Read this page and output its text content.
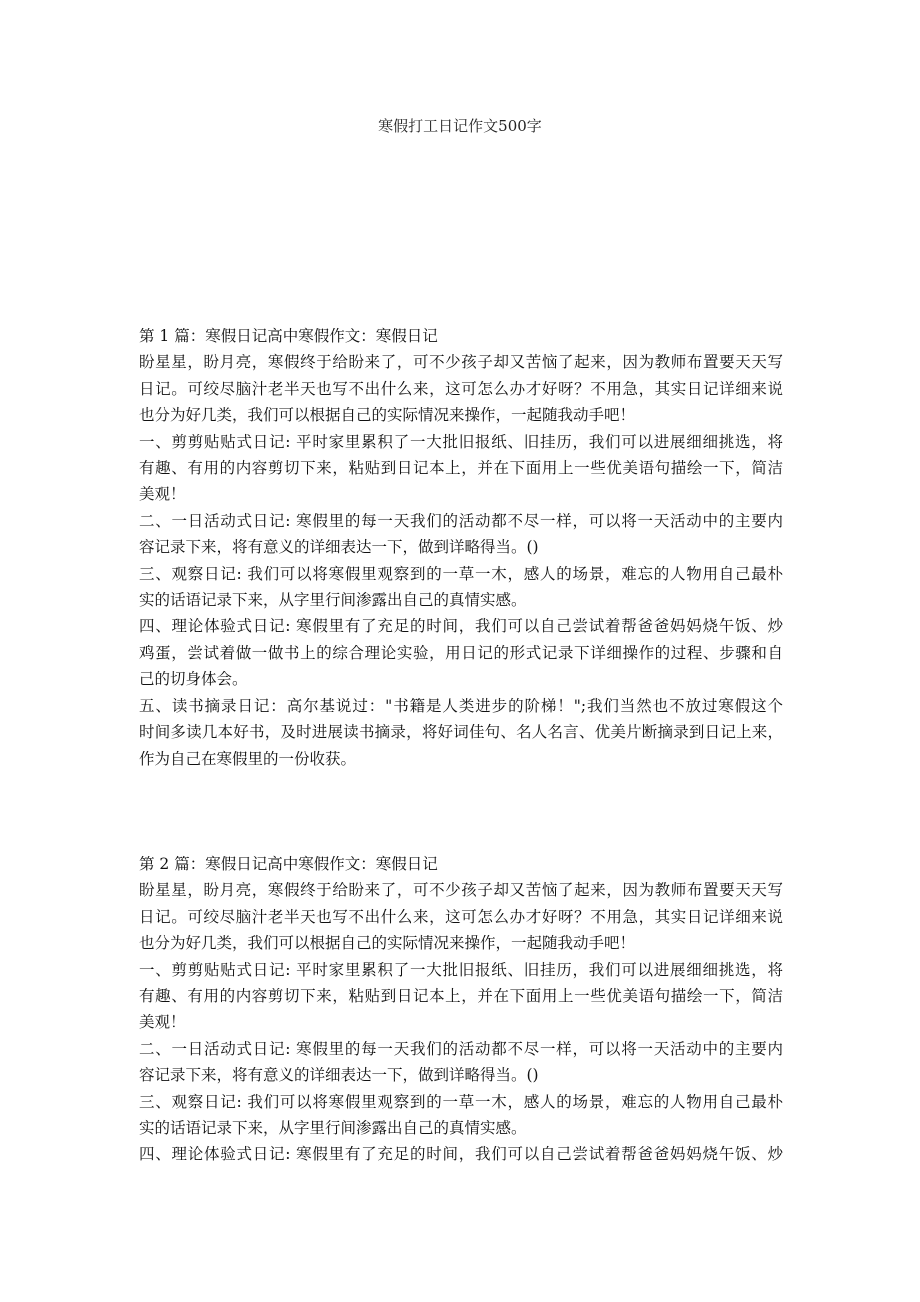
寒假打工日记作文500字
第 1 篇：寒假日记高中寒假作文：寒假日记
盼星星，盼月亮，寒假终于给盼来了，可不少孩子却又苦恼了起来，因为教师布置要天天写
日记。可绞尽脑汁老半天也写不出什么来，这可怎么办才好呀？不用急，其实日记详细来说
也分为好几类，我们可以根据自己的实际情况来操作，一起随我动手吧！
一、剪剪贴贴式日记: 平时家里累积了一大批旧报纸、旧挂历，我们可以进展细细挑选，将
有趣、有用的内容剪切下来，粘贴到日记本上，并在下面用上一些优美语句描绘一下，简洁
美观！
二、一日活动式日记: 寒假里的每一天我们的活动都不尽一样，可以将一天活动中的主要内
容记录下来，将有意义的详细表达一下，做到详略得当。()
三、观察日记: 我们可以将寒假里观察到的一草一木，感人的场景，难忘的人物用自己最朴
实的话语记录下来，从字里行间渗露出自己的真情实感。
四、理论体验式日记: 寒假里有了充足的时间，我们可以自己尝试着帮爸爸妈妈烧午饭、炒
鸡蛋，尝试着做一做书上的综合理论实验，用日记的形式记录下详细操作的过程、步骤和自
己的切身体会。
五、读书摘录日记：高尔基说过："书籍是人类进步的阶梯！";我们当然也不放过寒假这个
时间多读几本好书，及时进展读书摘录，将好词佳句、名人名言、优美片断摘录到日记上来，
作为自己在寒假里的一份收获。
第 2 篇：寒假日记高中寒假作文：寒假日记
盼星星，盼月亮，寒假终于给盼来了，可不少孩子却又苦恼了起来，因为教师布置要天天写
日记。可绞尽脑汁老半天也写不出什么来，这可怎么办才好呀？不用急，其实日记详细来说
也分为好几类，我们可以根据自己的实际情况来操作，一起随我动手吧！
一、剪剪贴贴式日记: 平时家里累积了一大批旧报纸、旧挂历，我们可以进展细细挑选，将
有趣、有用的内容剪切下来，粘贴到日记本上，并在下面用上一些优美语句描绘一下，简洁
美观！
二、一日活动式日记: 寒假里的每一天我们的活动都不尽一样，可以将一天活动中的主要内
容记录下来，将有意义的详细表达一下，做到详略得当。()
三、观察日记: 我们可以将寒假里观察到的一草一木，感人的场景，难忘的人物用自己最朴
实的话语记录下来，从字里行间渗露出自己的真情实感。
四、理论体验式日记: 寒假里有了充足的时间，我们可以自己尝试着帮爸爸妈妈烧午饭、炒
